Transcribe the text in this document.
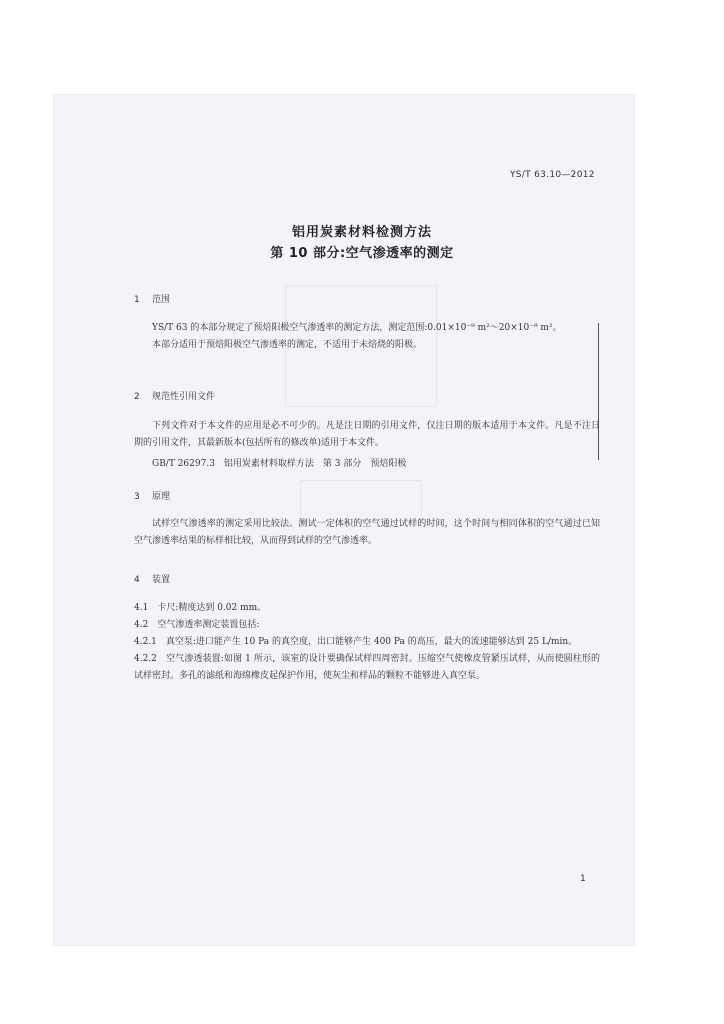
YS/T 63.10—2012
铝用炭素材料检测方法
第 10 部分:空气渗透率的测定
1 范围

YS/T 63 的本部分规定了预焙阳极空气渗透率的测定方法，测定范围:0.01×10⁻⁹ m²～20×10⁻⁹ m²。

本部分适用于预焙阳极空气渗透率的测定，不适用于未焙烧的阳极。

2 规范性引用文件

下列文件对于本文件的应用是必不可少的。凡是注日期的引用文件，仅注日期的版本适用于本文件。凡是不注日期的引用文件，其最新版本(包括所有的修改单)适用于本文件。

GB/T 26297.3　铝用炭素材料取样方法　第 3 部分　预焙阳极
3 原理

试样空气渗透率的测定采用比较法。测试一定体积的空气通过试样的时间，这个时间与相同体积的空气通过已知空气渗透率结果的标样相比较，从而得到试样的空气渗透率。

4 装置

4.1　卡尺:精度达到 0.02 mm。

4.2　空气渗透率测定装置包括:

4.2.1　真空泵:进口能产生 10 Pa 的真空度，出口能够产生 400 Pa 的高压，最大的流速能够达到 25 L/min。

4.2.2　空气渗透装置:如图 1 所示，该室的设计要确保试样四周密封。压缩空气使橡皮管紧压试样，从而使圆柱形的试样密封。多孔的滤纸和海绵橡皮起保护作用，使灰尘和样品的颗粒不能够进入真空泵。

1
